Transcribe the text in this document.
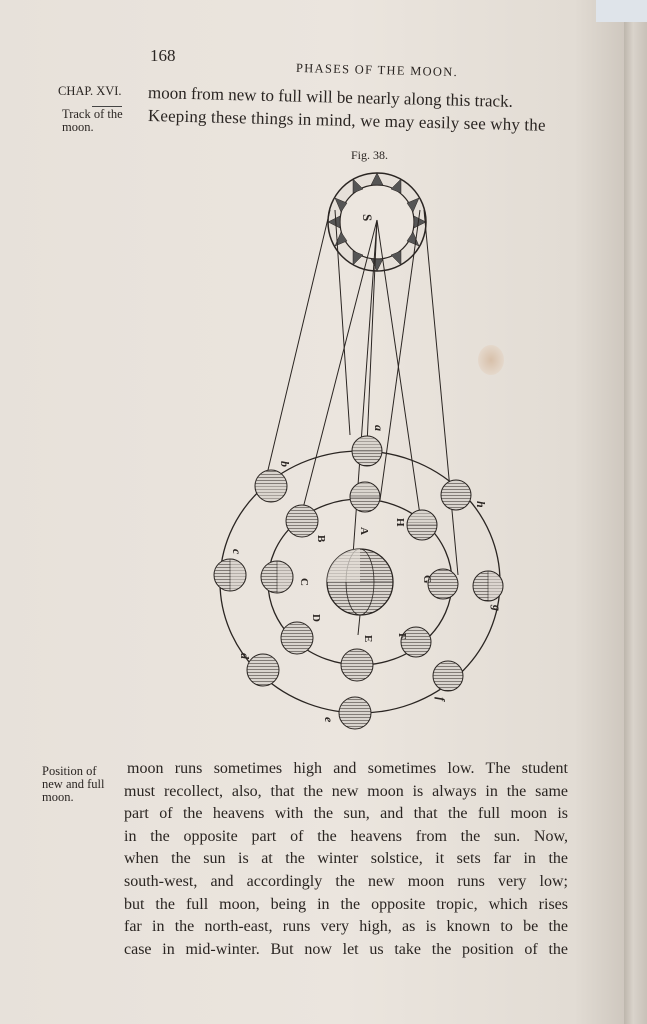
168
PHASES OF THE MOON.
CHAP. XVI.
Track of the
moon.
moon from new to full will be nearly along this track.
Keeping these things in mind, we may easily see why the
Fig. 38.
S
A
B
C
D
E F
G
H
a
b
c
d
e
f
g
h
Position of
new and full
moon.
moon runs sometimes high and sometimes low. The student
must recollect, also, that the new moon is always in the same
part of the heavens with the sun, and that the full moon is
in the opposite part of the heavens from the sun. Now,
when the sun is at the winter solstice, it sets far in the
south-west, and accordingly the new moon runs very low;
but the full moon, being in the opposite tropic, which rises
far in the north-east, runs very high, as is known to be the
case in mid-winter. But now let us take the position of the
